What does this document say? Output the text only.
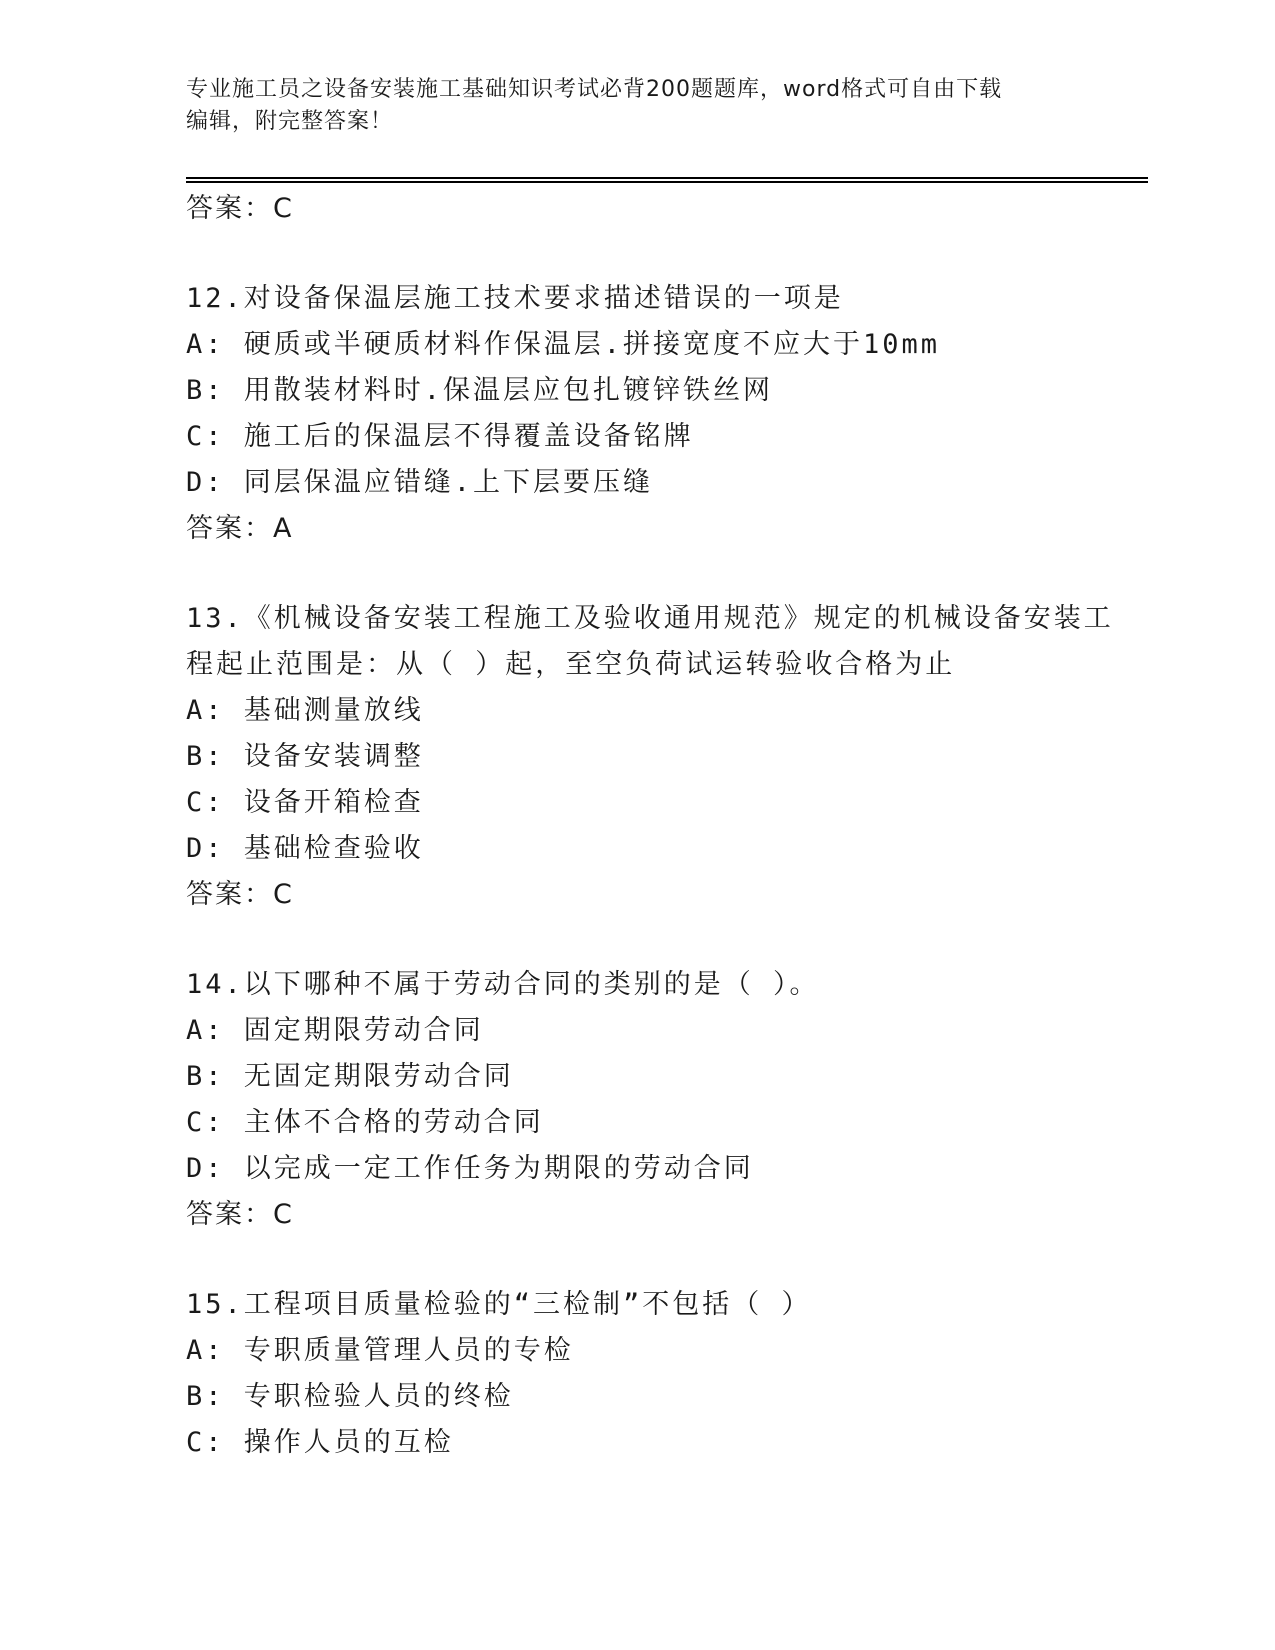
专业施工员之设备安装施工基础知识考试必背200题题库，word格式可自由下载
编辑，附完整答案！
答案：C
12.对设备保温层施工技术要求描述错误的一项是
A: 硬质或半硬质材料作保温层.拼接宽度不应大于10mm
B: 用散装材料时.保温层应包扎镀锌铁丝网
C: 施工后的保温层不得覆盖设备铭牌
D: 同层保温应错缝.上下层要压缝
答案：A
13.《机械设备安装工程施工及验收通用规范》规定的机械设备安装工
程起止范围是：从（ ）起，至空负荷试运转验收合格为止
A: 基础测量放线
B: 设备安装调整
C: 设备开箱检查
D: 基础检查验收
答案：C
14.以下哪种不属于劳动合同的类别的是（ ）。
A: 固定期限劳动合同
B: 无固定期限劳动合同
C: 主体不合格的劳动合同
D: 以完成一定工作任务为期限的劳动合同
答案：C
15.工程项目质量检验的“三检制”不包括（ ）
A: 专职质量管理人员的专检
B: 专职检验人员的终检
C: 操作人员的互检
